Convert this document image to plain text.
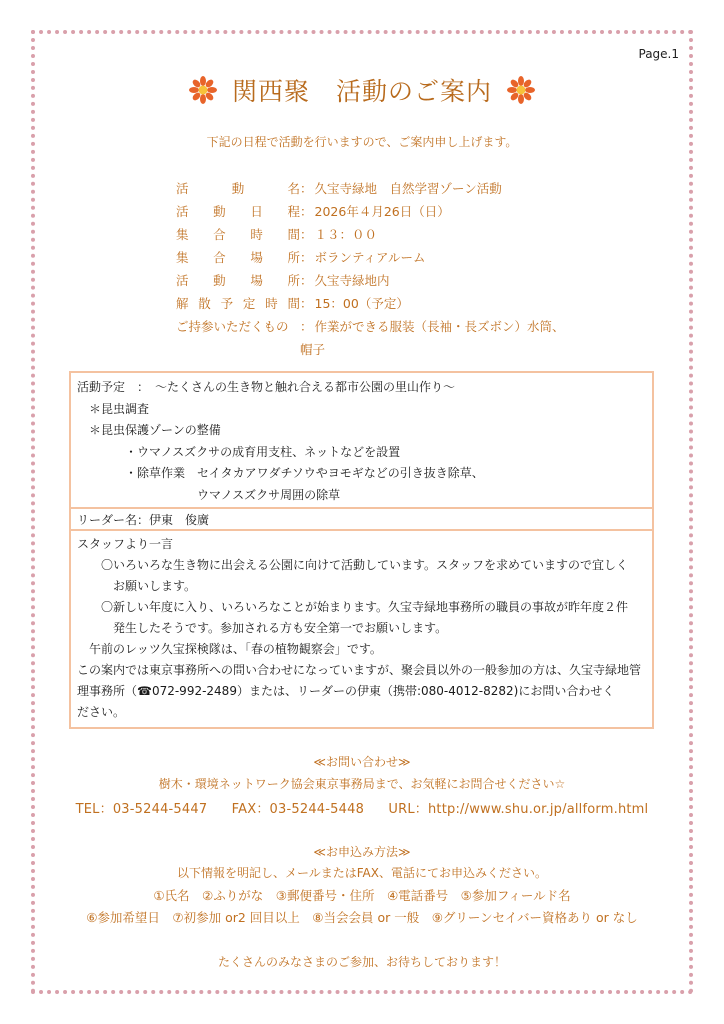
Page.1
関西聚　活動のご案内
下記の日程で活動を行いますので、ご案内申し上げます。
活	動	名 ： 久宝寺緑地　自然学習ゾーン活動
活 動 日 程 ： 2026年４月26日（日）
集 合 時 間 ： １３：００
集 合 場 所 ： ボランティアルーム
活 動 場 所 ： 久宝寺緑地内
解 散 予 定 時 間 ： 15：00（予定）
ご持参いただくもの ： 作業ができる服装（長袖・長ズボン）水筒、
帽子
活動予定　：　～たくさんの生き物と触れ合える都市公園の里山作り～
　＊昆虫調査
　＊昆虫保護ゾーンの整備
　　　　・ウマノスズクサの成育用支柱、ネットなどを設置
　　　　・除草作業　セイタカアワダチソウやヨモギなどの引き抜き除草、
　　　　　　　　　　ウマノスズクサ周囲の除草
リーダー名：伊東　俊廣
スタッフより一言
　　〇いろいろな生き物に出会える公園に向けて活動しています。スタッフを求めていますので宜しく
　　　お願いします。
　　〇新しい年度に入り、いろいろなことが始まります。久宝寺緑地事務所の職員の事故が昨年度２件
　　　発生したそうです。参加される方も安全第一でお願いします。
　午前のレッツ久宝探検隊は、「春の植物観察会」です。
この案内では東京事務所への問い合わせになっていますが、聚会員以外の一般参加の方は、久宝寺緑地管
理事務所（☎072-992-2489）または、リーダーの伊東（携帯:080-4012-8282)にお問い合わせく
ださい。
≪お問い合わせ≫
樹木・環境ネットワーク協会東京事務局まで、お気軽にお問合せください☆
TEL：03-5244-5447 FAX：03-5244-5448 URL：http://www.shu.or.jp/allform.html
≪お申込み方法≫
以下情報を明記し、メールまたはFAX、電話にてお申込みください。
①氏名　②ふりがな　③郵便番号・住所　④電話番号　⑤参加フィールド名
⑥参加希望日　⑦初参加 or2 回目以上　⑧当会会員 or 一般　⑨グリーンセイバー資格あり or なし
たくさんのみなさまのご参加、お待ちしております！
